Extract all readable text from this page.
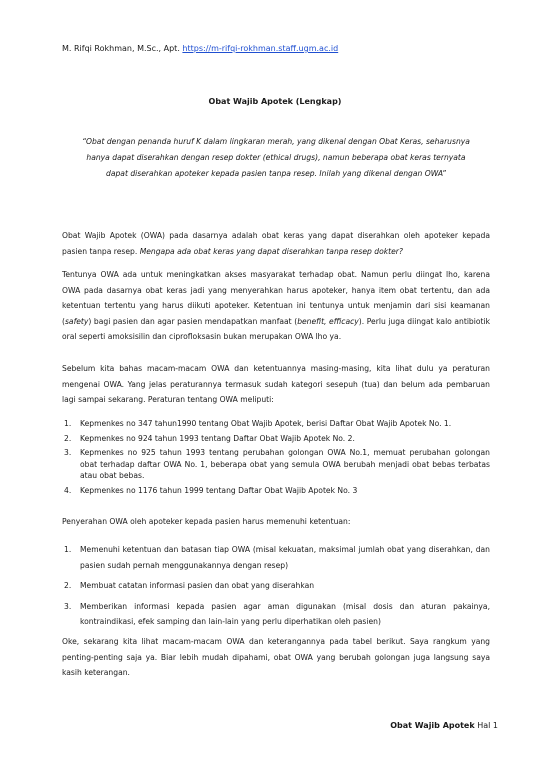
M. Rifqi Rokhman, M.Sc., Apt. https://m-rifqi-rokhman.staff.ugm.ac.id
Obat Wajib Apotek (Lengkap)
“Obat dengan penanda huruf K dalam lingkaran merah, yang dikenal dengan Obat Keras, seharusnya hanya dapat diserahkan dengan resep dokter (ethical drugs), namun beberapa obat keras ternyata dapat diserahkan apoteker kepada pasien tanpa resep. Inilah yang dikenal dengan OWA”

Obat Wajib Apotek (OWA) pada dasarnya adalah obat keras yang dapat diserahkan oleh apoteker kepada pasien tanpa resep. Mengapa ada obat keras yang dapat diserahkan tanpa resep dokter?

Tentunya OWA ada untuk meningkatkan akses masyarakat terhadap obat. Namun perlu diingat lho, karena OWA pada dasarnya obat keras jadi yang menyerahkan harus apoteker, hanya item obat tertentu, dan ada ketentuan tertentu yang harus diikuti apoteker. Ketentuan ini tentunya untuk menjamin dari sisi keamanan (safety) bagi pasien dan agar pasien mendapatkan manfaat (benefit, efficacy). Perlu juga diingat kalo antibiotik oral seperti amoksisilin dan ciprofloksasin bukan merupakan OWA lho ya.

Sebelum kita bahas macam-macam OWA dan ketentuannya masing-masing, kita lihat dulu ya peraturan mengenai OWA. Yang jelas peraturannya termasuk sudah kategori sesepuh (tua) dan belum ada pembaruan lagi sampai sekarang. Peraturan tentang OWA meliputi:

1. Kepmenkes no 347 tahun1990 tentang Obat Wajib Apotek, berisi Daftar Obat Wajib Apotek No. 1.
2. Kepmenkes no 924 tahun 1993 tentang Daftar Obat Wajib Apotek No. 2.
3. Kepmenkes no 925 tahun 1993 tentang perubahan golongan OWA No.1, memuat perubahan golongan obat terhadap daftar OWA No. 1, beberapa obat yang semula OWA berubah menjadi obat bebas terbatas atau obat bebas.
4. Kepmenkes no 1176 tahun 1999 tentang Daftar Obat Wajib Apotek No. 3

Penyerahan OWA oleh apoteker kepada pasien harus memenuhi ketentuan:

1. Memenuhi ketentuan dan batasan tiap OWA (misal kekuatan, maksimal jumlah obat yang diserahkan, dan pasien sudah pernah menggunakannya dengan resep)
2. Membuat catatan informasi pasien dan obat yang diserahkan
3. Memberikan informasi kepada pasien agar aman digunakan (misal dosis dan aturan pakainya, kontraindikasi, efek samping dan lain-lain yang perlu diperhatikan oleh pasien)

Oke, sekarang kita lihat macam-macam OWA dan keterangannya pada tabel berikut. Saya rangkum yang penting-penting saja ya. Biar lebih mudah dipahami, obat OWA yang berubah golongan juga langsung saya kasih keterangan.

Obat Wajib Apotek Hal 1
